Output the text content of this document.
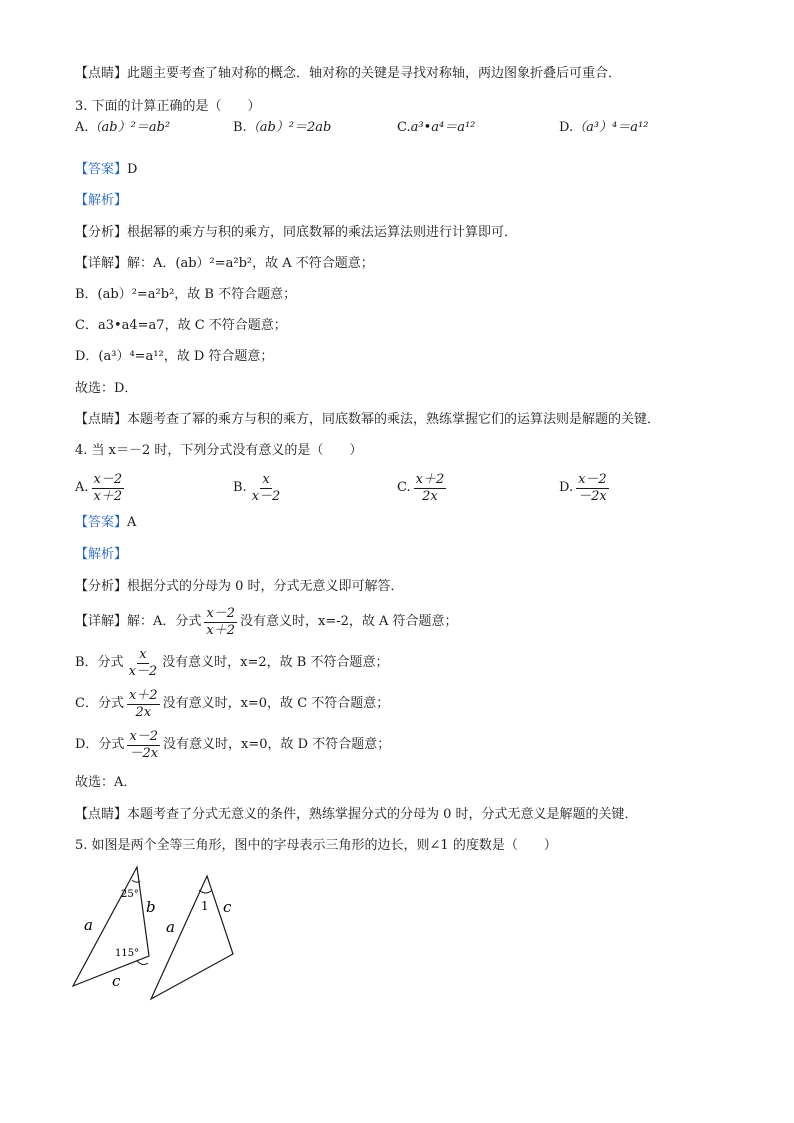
【点睛】此题主要考查了轴对称的概念．轴对称的关键是寻找对称轴，两边图象折叠后可重合．
3. 下面的计算正确的是（　　）
A. （ab）²＝ab²	B. （ab）²＝2ab	C. a³•a⁴＝a¹²	D. （a³）⁴＝a¹²
【答案】 D
【解析】
【分析】 根据幂的乘方与积的乘方，同底数幂的乘法运算法则进行计算即可．
【详解】 解：A．(ab）²=a²b²，故 A 不符合题意；
B．(ab）²=a²b²，故 B 不符合题意；
C．a3•a4=a7，故 C 不符合题意；
D．(a³）⁴=a¹²，故 D 符合题意；
故选：D．
【点睛】 本题考查了幂的乘方与积的乘方，同底数幂的乘法，熟练掌握它们的运算法则是解题的关键．
4. 当 x＝－2 时，下列分式没有意义的是（　　）
A. $\frac{x-2}{x+2}$	B. $\frac{x}{x-2}$	C. $\frac{x+2}{2x}$	D. $\frac{x-2}{-2x}$
【答案】 A
【解析】
【分析】 根据分式的分母为 0 时，分式无意义即可解答．
【详解】 解：A．分式 $\frac{x-2}{x+2}$ 没有意义时，x=-2，故 A 符合题意；
B．分式 $\frac{x}{x-2}$ 没有意义时，x=2，故 B 不符合题意；
C．分式 $\frac{x+2}{2x}$ 没有意义时，x=0，故 C 不符合题意；
D．分式 $\frac{x-2}{-2x}$ 没有意义时，x=0，故 D 不符合题意；
故选：A．
【点睛】 本题考查了分式无意义的条件，熟练掌握分式的分母为 0 时，分式无意义是解题的关键．
5. 如图是两个全等三角形，图中的字母表示三角形的边长，则∠1 的度数是（　　）
25°
115°
a
b
c
1
a
c
